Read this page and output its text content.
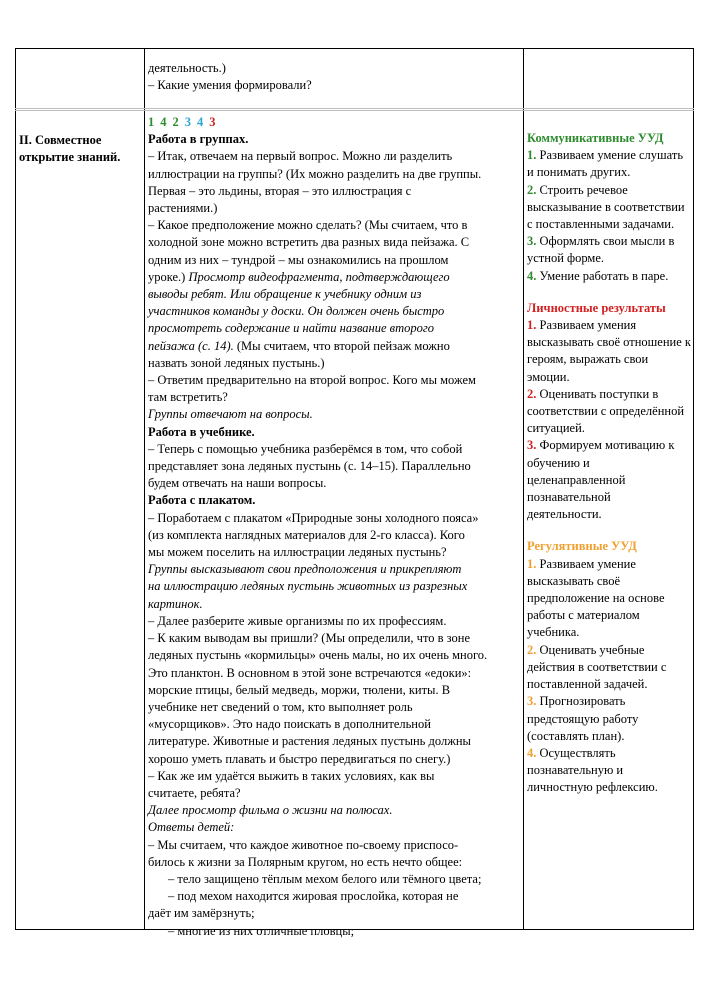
деятельность.)

– Какие умения формировали?

II. Совместное

открытие знаний.

1 4 2 3 4 3

Работа в группах.

– Итак, отвечаем на первый вопрос. Можно ли разделить

иллюстрации на группы? (Их можно разделить на две группы.

Первая – это льдины, вторая – это иллюстрация с

растениями.)

– Какое предположение можно сделать? (Мы считаем, что в

холодной зоне можно встретить два разных вида пейзажа. С

одним из них – тундрой – мы ознакомились на прошлом

уроке.) Просмотр видеофрагмента, подтверждающего

выводы ребят. Или обращение к учебнику одним из

участников команды у доски. Он должен очень быстро

просмотреть содержание и найти название второго

пейзажа (с. 14). (Мы считаем, что второй пейзаж можно

назвать зоной ледяных пустынь.)

– Ответим предварительно на второй вопрос. Кого мы можем

там встретить?

Группы отвечают на вопросы.

Работа в учебнике.

– Теперь с помощью учебника разберёмся в том, что собой

представляет зона ледяных пустынь (с. 14–15). Параллельно

будем отвечать на наши вопросы.

Работа с плакатом.

– Поработаем с плакатом «Природные зоны холодного пояса»

(из комплекта наглядных материалов для 2-го класса). Кого

мы можем поселить на иллюстрации ледяных пустынь?

Группы высказывают свои предположения и прикрепляют

на иллюстрацию ледяных пустынь животных из разрезных

картинок.

– Далее разберите живые организмы по их профессиям.

– К каким выводам вы пришли? (Мы определили, что в зоне

ледяных пустынь «кормильцы» очень малы, но их очень много.

Это планктон. В основном в этой зоне встречаются «едоки»:

морские птицы, белый медведь, моржи, тюлени, киты. В

учебнике нет сведений о том, кто выполняет роль

«мусорщиков». Это надо поискать в дополнительной

литературе. Животные и растения ледяных пустынь должны

хорошо уметь плавать и быстро передвигаться по снегу.)

– Как же им удаётся выжить в таких условиях, как вы

считаете, ребята?

Далее просмотр фильма о жизни на полюсах.

Ответы детей:

– Мы считаем, что каждое животное по-своему приспосо-

билось к жизни за Полярным кругом, но есть нечто общее:

– тело защищено тёплым мехом белого или тёмного цвета;

– под мехом находится жировая прослойка, которая не

даёт им замёрзнуть;

– многие из них отличные пловцы;

Коммуникативные УУД

1. Развиваем умение слушать

и понимать других.

2. Строить речевое

высказывание в соответствии

с поставленными задачами.

3. Оформлять свои мысли в

устной форме.

4. Умение работать в паре.

Личностные результаты

1. Развиваем умения

высказывать своё отношение к

героям, выражать свои

эмоции.

2. Оценивать поступки в

соответствии с определённой

ситуацией.

3. Формируем мотивацию к

обучению и

целенаправленной

познавательной

деятельности.

Регулятивные УУД

1. Развиваем умение

высказывать своё

предположение на основе

работы с материалом

учебника.

2. Оценивать учебные

действия в соответствии с

поставленной задачей.

3. Прогнозировать

предстоящую работу

(составлять план).

4. Осуществлять

познавательную и

личностную рефлексию.
